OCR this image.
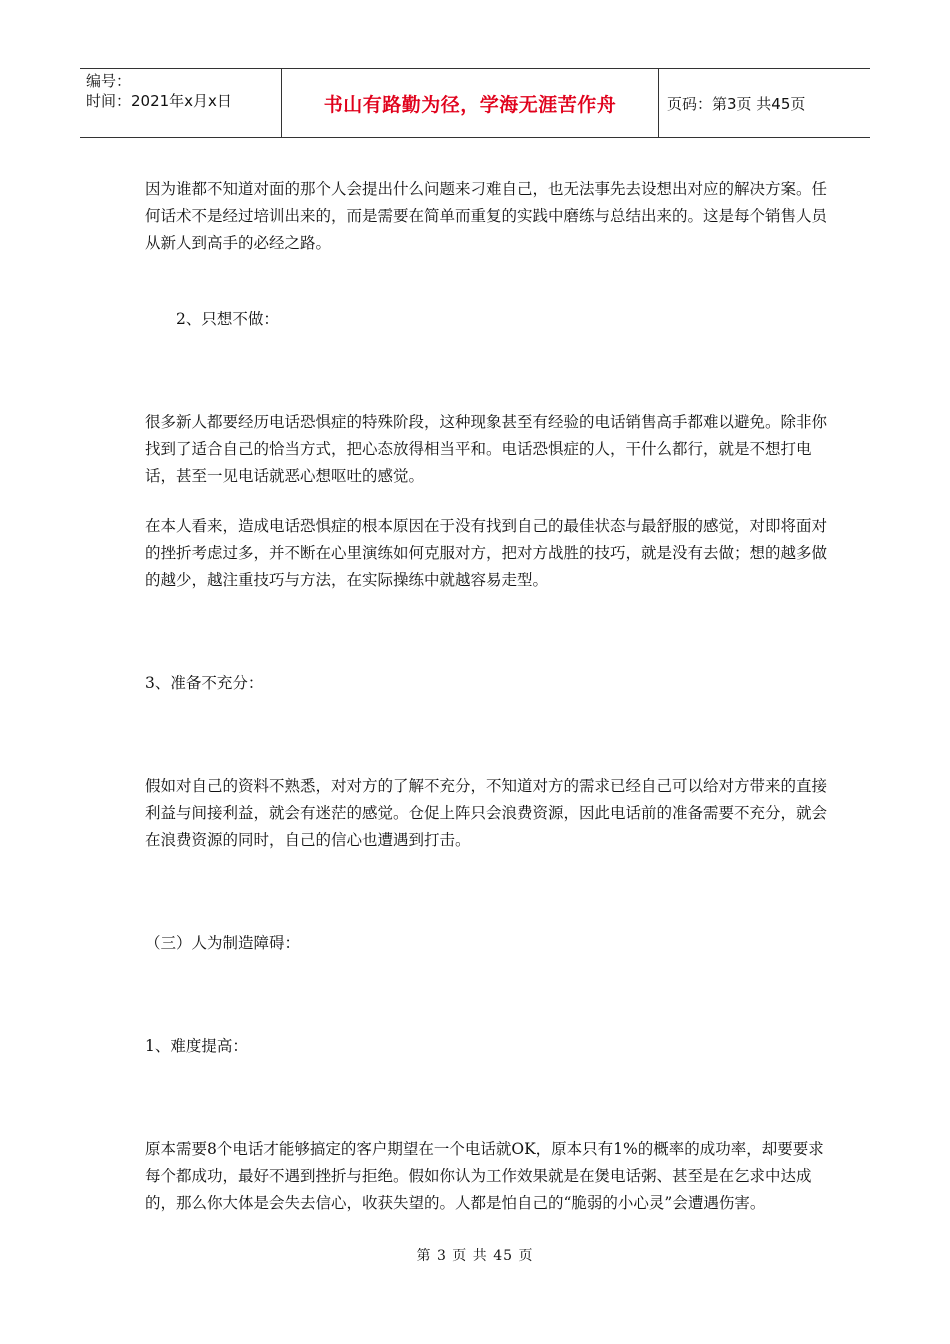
编号：
时间：2021年x月x日	书山有路勤为径，学海无涯苦作舟	页码：第3页 共45页

因为谁都不知道对面的那个人会提出什么问题来刁难自己，也无法事先去设想出对应的解决方案。任何话术不是经过培训出来的，而是需要在简单而重复的实践中磨练与总结出来的。这是每个销售人员从新人到高手的必经之路。

2、只想不做：

很多新人都要经历电话恐惧症的特殊阶段，这种现象甚至有经验的电话销售高手都难以避免。除非你找到了适合自己的恰当方式，把心态放得相当平和。电话恐惧症的人，干什么都行，就是不想打电话，甚至一见电话就恶心想呕吐的感觉。

在本人看来，造成电话恐惧症的根本原因在于没有找到自己的最佳状态与最舒服的感觉，对即将面对的挫折考虑过多，并不断在心里演练如何克服对方，把对方战胜的技巧，就是没有去做；想的越多做的越少，越注重技巧与方法，在实际操练中就越容易走型。

3、准备不充分：

假如对自己的资料不熟悉，对对方的了解不充分，不知道对方的需求已经自己可以给对方带来的直接利益与间接利益，就会有迷茫的感觉。仓促上阵只会浪费资源，因此电话前的准备需要不充分，就会在浪费资源的同时，自己的信心也遭遇到打击。

（三）人为制造障碍：

1、难度提高：

原本需要8个电话才能够搞定的客户期望在一个电话就OK，原本只有1%的概率的成功率，却要要求每个都成功，最好不遇到挫折与拒绝。假如你认为工作效果就是在煲电话粥、甚至是在乞求中达成的，那么你大体是会失去信心，收获失望的。人都是怕自己的“脆弱的小心灵”会遭遇伤害。

第 3 页 共 45 页
